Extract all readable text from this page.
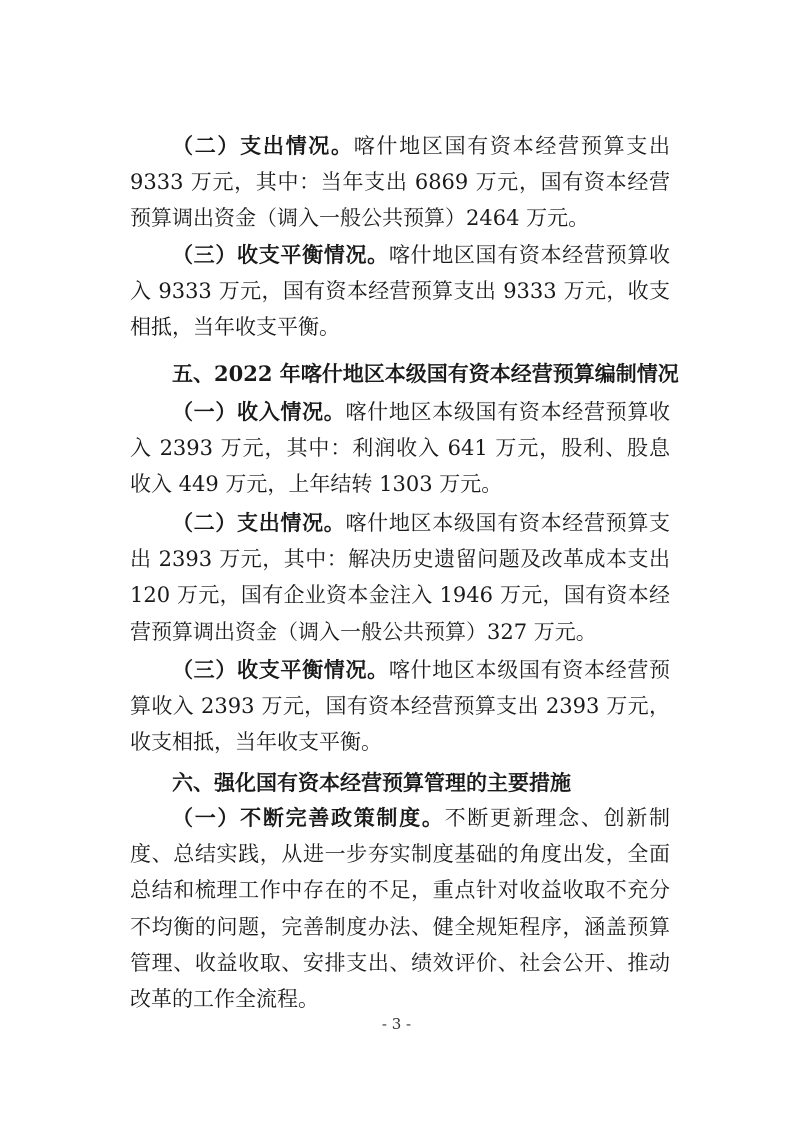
（二）支出情况。喀什地区国有资本经营预算支出 9333 万元，其中：当年支出 6869 万元，国有资本经营预算调出资金（调入一般公共预算）2464 万元。

（三）收支平衡情况。喀什地区国有资本经营预算收入 9333 万元，国有资本经营预算支出 9333 万元，收支相抵，当年收支平衡。

五、2022 年喀什地区本级国有资本经营预算编制情况

（一）收入情况。喀什地区本级国有资本经营预算收入 2393 万元，其中：利润收入 641 万元，股利、股息收入 449 万元，上年结转 1303 万元。

（二）支出情况。喀什地区本级国有资本经营预算支出 2393 万元，其中：解决历史遗留问题及改革成本支出 120 万元，国有企业资本金注入 1946 万元，国有资本经营预算调出资金（调入一般公共预算）327 万元。

（三）收支平衡情况。喀什地区本级国有资本经营预算收入 2393 万元，国有资本经营预算支出 2393 万元，收支相抵，当年收支平衡。

六、强化国有资本经营预算管理的主要措施

（一）不断完善政策制度。不断更新理念、创新制度、总结实践，从进一步夯实制度基础的角度出发，全面总结和梳理工作中存在的不足，重点针对收益收取不充分不均衡的问题，完善制度办法、健全规矩程序，涵盖预算管理、收益收取、安排支出、绩效评价、社会公开、推动改革的工作全流程。

- 3 -
